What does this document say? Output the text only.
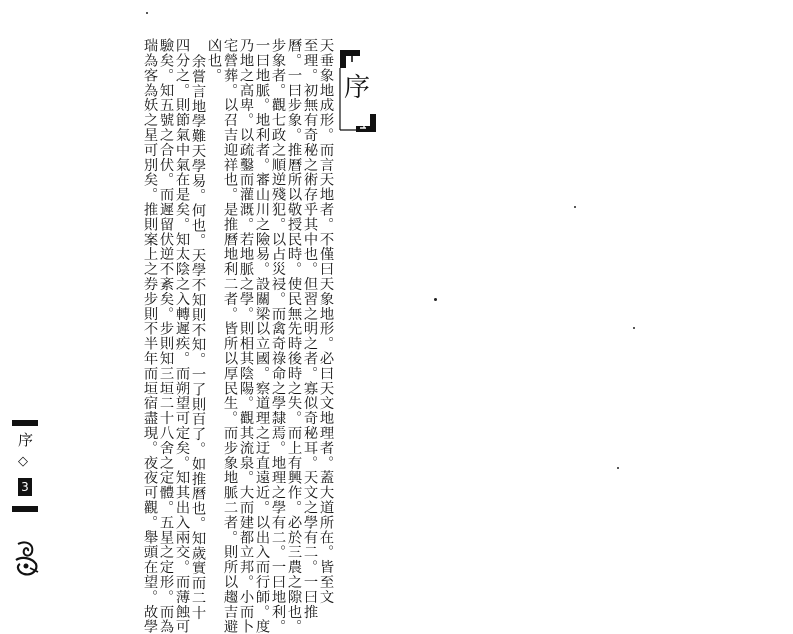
序
天垂象地成形。而言天地者。不僅曰天象地形。必曰天文地理者。蓋大道所在。皆至文
至理。初無有奇秘之術存乎其中也。但習之明之者。寡似奇秘耳。天文之學有二。一曰推
曆。一曰步象。推曆所以敬授民時。使民無先時後時之失。而上有興作。必於三農之隙也。
步象者。觀七政之順逆殘犯。以占災祲。而禽奇祿命之學隸焉。地理之學有二。一曰地利。
一曰地脈。地利者。審山川之險易。設關梁以立國。察道理之迂直遠近。以出入而行師。度
乃地之高卑。以疏鑿而灌溉。若地脈之學。則相其陰陽。觀其流泉。大而建都立邦。小而卜
宅營葬。以召吉迎祥也。是推曆地利二者。皆所以厚民生。而步象地脈二者。則所以趨吉避
凶也。
余嘗言地學難天學易。何也。天學不知則不知。一了則百了。如推曆也。知歲實而二十
四分之。則節氣中氣在是矣。知太陰之入轉遲疾。而朔望可定矣。知其出入兩交。而薄蝕可
驗矣。知五號之合伏。而遲留伏逆不紊矣。步則知三垣二十八舍之定體。五星之定形。而為
瑞為客為妖之星可別矣。推則案上之券步則不半年而垣宿盡現。夜夜可觀。舉頭在望。故學
序
◇
3
